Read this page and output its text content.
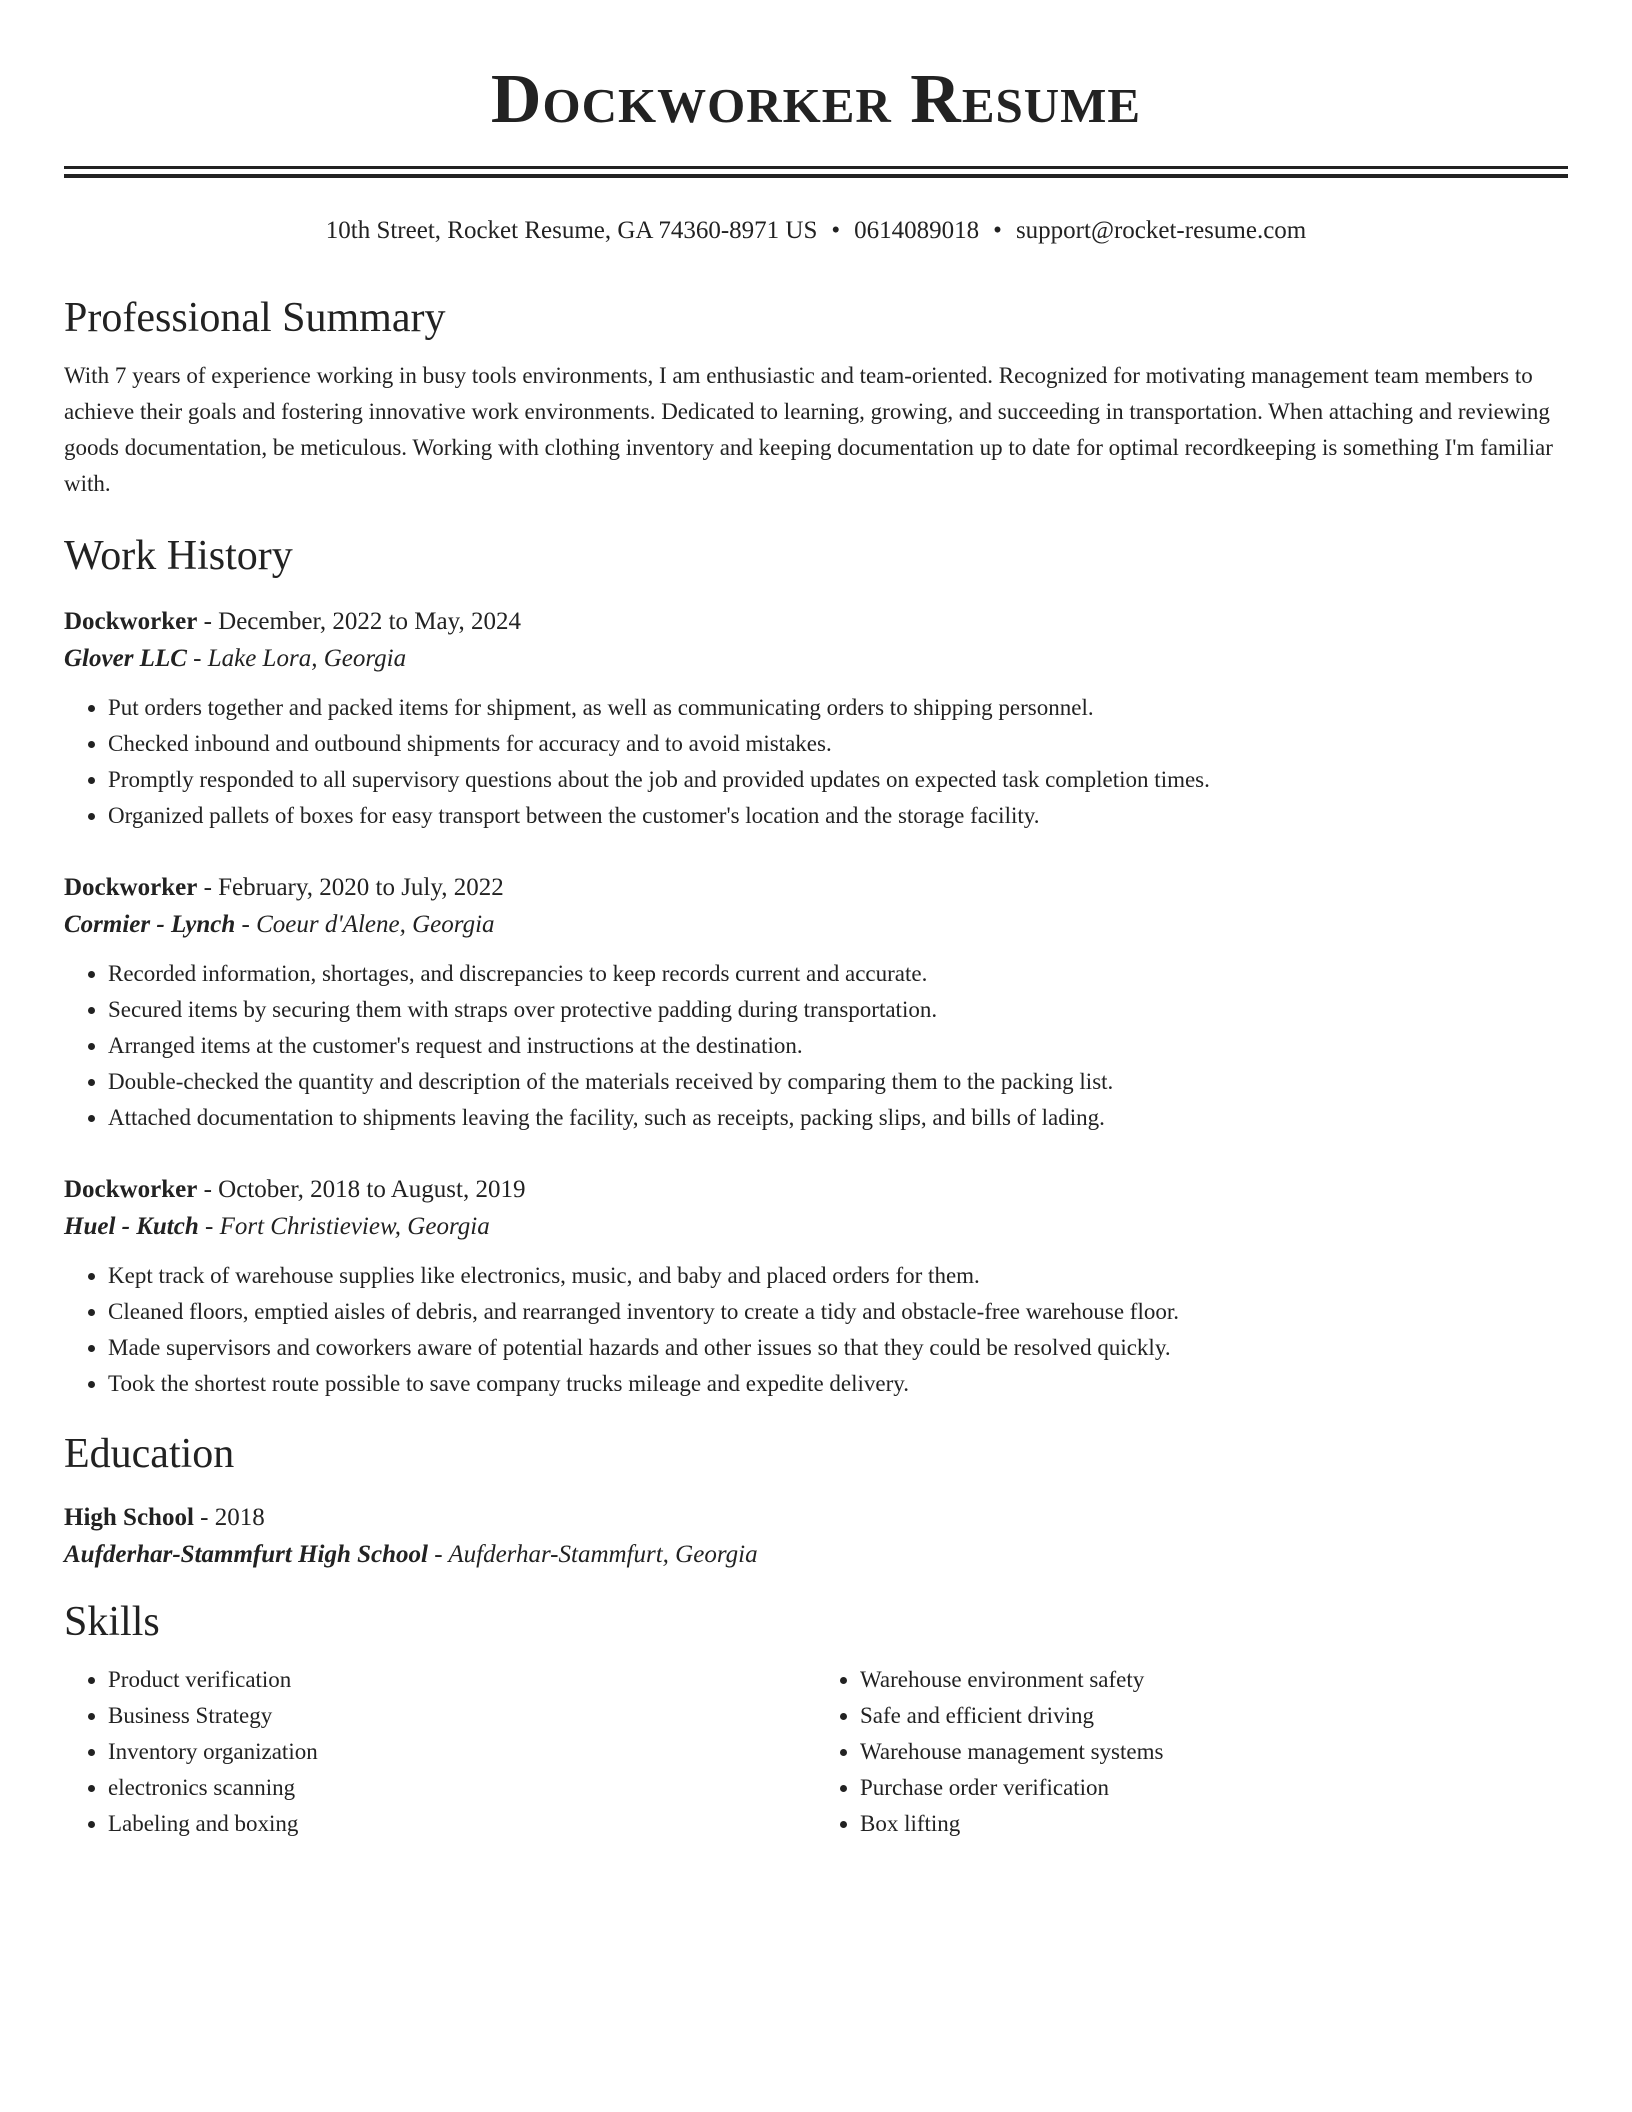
Dockworker Resume
10th Street, Rocket Resume, GA 74360-8971 US • 0614089018 • support@rocket-resume.com
Professional Summary

With 7 years of experience working in busy tools environments, I am enthusiastic and team-oriented. Recognized for motivating management team members to achieve their goals and fostering innovative work environments. Dedicated to learning, growing, and succeeding in transportation. When attaching and reviewing goods documentation, be meticulous. Working with clothing inventory and keeping documentation up to date for optimal recordkeeping is something I'm familiar with.

Work History
Dockworker - December, 2022 to May, 2024
Glover LLC - Lake Lora, Georgia
• Put orders together and packed items for shipment, as well as communicating orders to shipping personnel.
• Checked inbound and outbound shipments for accuracy and to avoid mistakes.
• Promptly responded to all supervisory questions about the job and provided updates on expected task completion times.
• Organized pallets of boxes for easy transport between the customer's location and the storage facility.
Dockworker - February, 2020 to July, 2022
Cormier - Lynch - Coeur d'Alene, Georgia
• Recorded information, shortages, and discrepancies to keep records current and accurate.
• Secured items by securing them with straps over protective padding during transportation.
• Arranged items at the customer's request and instructions at the destination.
• Double-checked the quantity and description of the materials received by comparing them to the packing list.
• Attached documentation to shipments leaving the facility, such as receipts, packing slips, and bills of lading.
Dockworker - October, 2018 to August, 2019
Huel - Kutch - Fort Christieview, Georgia
• Kept track of warehouse supplies like electronics, music, and baby and placed orders for them.
• Cleaned floors, emptied aisles of debris, and rearranged inventory to create a tidy and obstacle-free warehouse floor.
• Made supervisors and coworkers aware of potential hazards and other issues so that they could be resolved quickly.
• Took the shortest route possible to save company trucks mileage and expedite delivery.
Education
High School - 2018
Aufderhar-Stammfurt High School - Aufderhar-Stammfurt, Georgia
Skills
• Product verification
• Business Strategy
• Inventory organization
• electronics scanning
• Labeling and boxing
• Warehouse environment safety
• Safe and efficient driving
• Warehouse management systems
• Purchase order verification
• Box lifting
